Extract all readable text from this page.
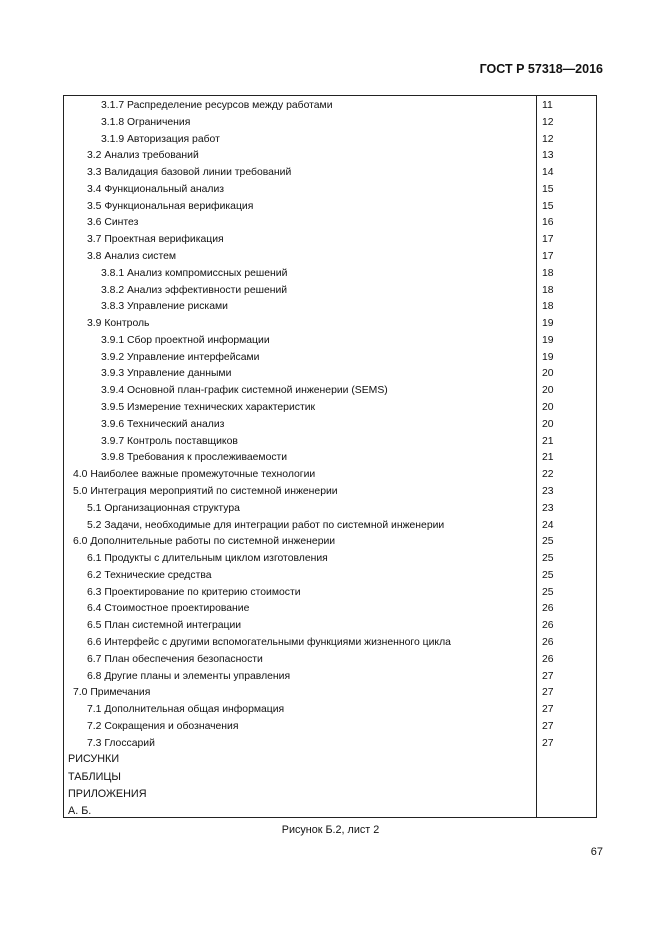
ГОСТ Р 57318—2016
3.1.7 Распределение ресурсов между работами	11
3.1.8 Ограничения	12
3.1.9 Авторизация работ	12
3.2 Анализ требований	13
3.3 Валидация базовой линии требований	14
3.4 Функциональный анализ	15
3.5 Функциональная верификация	15
3.6 Синтез	16
3.7 Проектная верификация	17
3.8 Анализ систем	17
3.8.1 Анализ компромиссных решений	18
3.8.2 Анализ эффективности решений	18
3.8.3 Управление рисками	18
3.9 Контроль	19
3.9.1 Сбор проектной информации	19
3.9.2 Управление интерфейсами	19
3.9.3 Управление данными	20
3.9.4 Основной план-график системной инженерии (SEMS)	20
3.9.5 Измерение технических характеристик	20
3.9.6 Технический анализ	20
3.9.7 Контроль поставщиков	21
3.9.8 Требования к прослеживаемости	21
4.0 Наиболее важные промежуточные технологии	22
5.0 Интеграция мероприятий по системной инженерии	23
5.1 Организационная структура	23
5.2 Задачи, необходимые для интеграции работ по системной инженерии	24
6.0 Дополнительные работы по системной инженерии	25
6.1 Продукты с длительным циклом изготовления	25
6.2 Технические средства	25
6.3 Проектирование по критерию стоимости	25
6.4 Стоимостное проектирование	26
6.5 План системной интеграции	26
6.6 Интерфейс с другими вспомогательными функциями жизненного цикла	26
6.7 План обеспечения безопасности	26
6.8 Другие планы и элементы управления	27
7.0 Примечания	27
7.1 Дополнительная общая информация	27
7.2 Сокращения и обозначения	27
7.3 Глоссарий	27
РИСУНКИ
ТАБЛИЦЫ
ПРИЛОЖЕНИЯ
А. Б.
Рисунок Б.2, лист 2
67
